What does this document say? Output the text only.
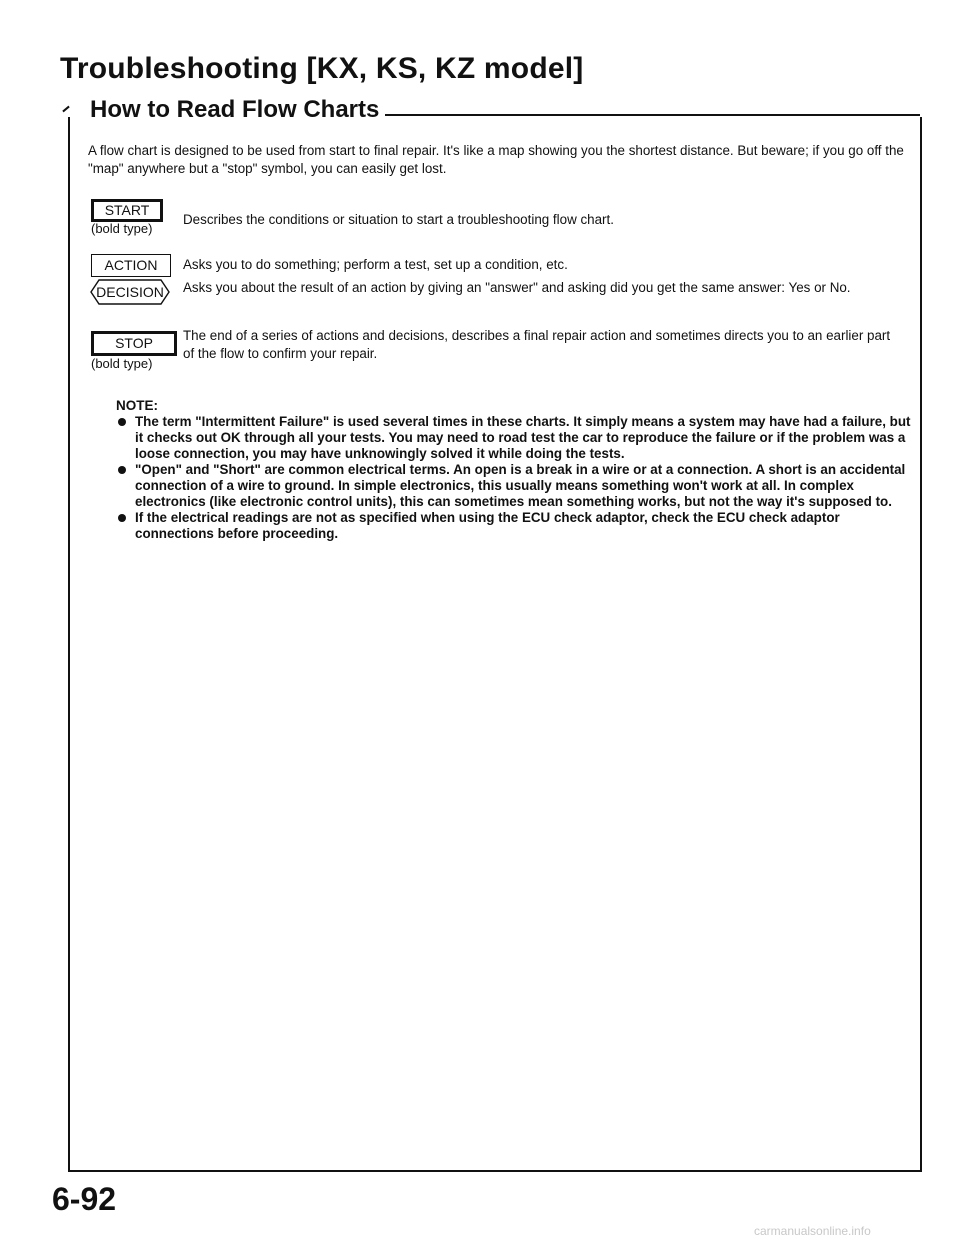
Troubleshooting [KX, KS, KZ model]
How to Read Flow Charts
A flow chart is designed to be used from start to final repair. It's like a map showing you the shortest distance. But beware; if you go off the "map" anywhere but a "stop" symbol, you can easily get lost.
START
(bold type)
Describes the conditions or situation to start a troubleshooting flow chart.
ACTION	Asks you to do something; perform a test, set up a condition, etc.
DECISION	Asks you about the result of an action by giving an "answer" and asking did you get the same answer: Yes or No.
STOP
(bold type)
The end of a series of actions and decisions, describes a final repair action and sometimes directs you to an earlier part of the flow to confirm your repair.
NOTE:
The term "Intermittent Failure" is used several times in these charts. It simply means a system may have had a failure, but it checks out OK through all your tests. You may need to road test the car to reproduce the failure or if the problem was a loose connection, you may have unknowingly solved it while doing the tests.
"Open" and "Short" are common electrical terms. An open is a break in a wire or at a connection. A short is an accidental connection of a wire to ground. In simple electronics, this usually means something won't work at all. In complex electronics (like electronic control units), this can sometimes mean something works, but not the way it's supposed to.
If the electrical readings are not as specified when using the ECU check adaptor, check the ECU check adaptor connections before proceeding.
6-92
carmanualsonline.info
